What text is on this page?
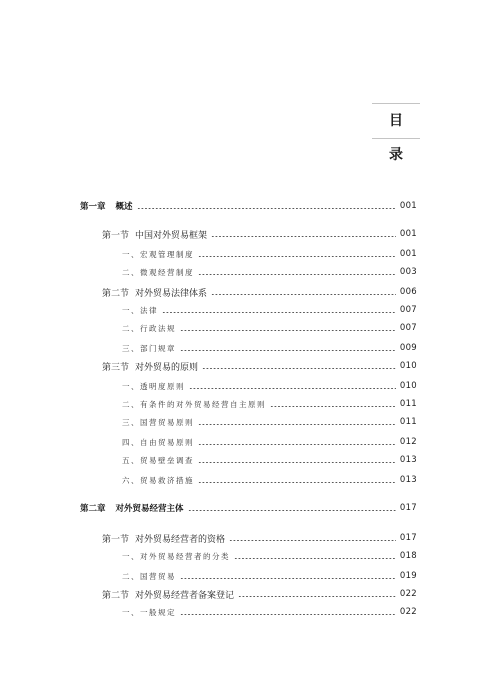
目　录
第一章 概述	001
第一节 中国对外贸易框架	001
一、宏观管理制度	001
二、微观经营制度	003
第二节 对外贸易法律体系	006
一、法律	007
二、行政法规	007
三、部门规章	009
第三节 对外贸易的原则	010
一、透明度原则	010
二、有条件的对外贸易经营自主原则	011
三、国营贸易原则	011
四、自由贸易原则	012
五、贸易壁垒调查	013
六、贸易救济措施	013
第二章 对外贸易经营主体	017
第一节 对外贸易经营者的资格	017
一、对外贸易经营者的分类	018
二、国营贸易	019
第二节 对外贸易经营者备案登记	022
一、一般规定	022
